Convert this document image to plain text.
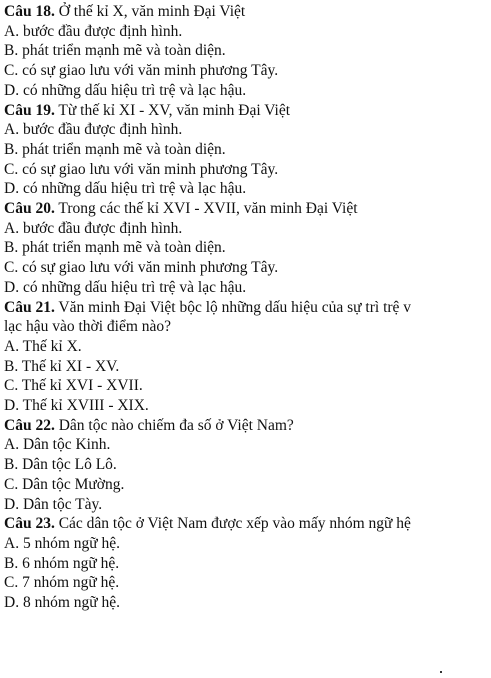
Câu 18. Ở thế kỉ X, văn minh Đại Việt
A. bước đầu được định hình.
B. phát triển mạnh mẽ và toàn diện.
C. có sự giao lưu với văn minh phương Tây.
D. có những dấu hiệu trì trệ và lạc hậu.
Câu 19. Từ thế kỉ XI - XV, văn minh Đại Việt
A. bước đầu được định hình.
B. phát triển mạnh mẽ và toàn diện.
C. có sự giao lưu với văn minh phương Tây.
D. có những dấu hiệu trì trệ và lạc hậu.
Câu 20. Trong các thế kỉ XVI - XVII, văn minh Đại Việt
A. bước đầu được định hình.
B. phát triển mạnh mẽ và toàn diện.
C. có sự giao lưu với văn minh phương Tây.
D. có những dấu hiệu trì trệ và lạc hậu.
Câu 21. Văn minh Đại Việt bộc lộ những dấu hiệu của sự trì trệ v
lạc hậu vào thời điểm nào?
A. Thế kỉ X.
B. Thế kỉ XI - XV.
C. Thế kỉ XVI - XVII.
D. Thế kỉ XVIII - XIX.
Câu 22. Dân tộc nào chiếm đa số ở Việt Nam?
A. Dân tộc Kinh.
B. Dân tộc Lô Lô.
C. Dân tộc Mường.
D. Dân tộc Tày.
Câu 23. Các dân tộc ở Việt Nam được xếp vào mấy nhóm ngữ hệ
A. 5 nhóm ngữ hệ.
B. 6 nhóm ngữ hệ.
C. 7 nhóm ngữ hệ.
D. 8 nhóm ngữ hệ.
